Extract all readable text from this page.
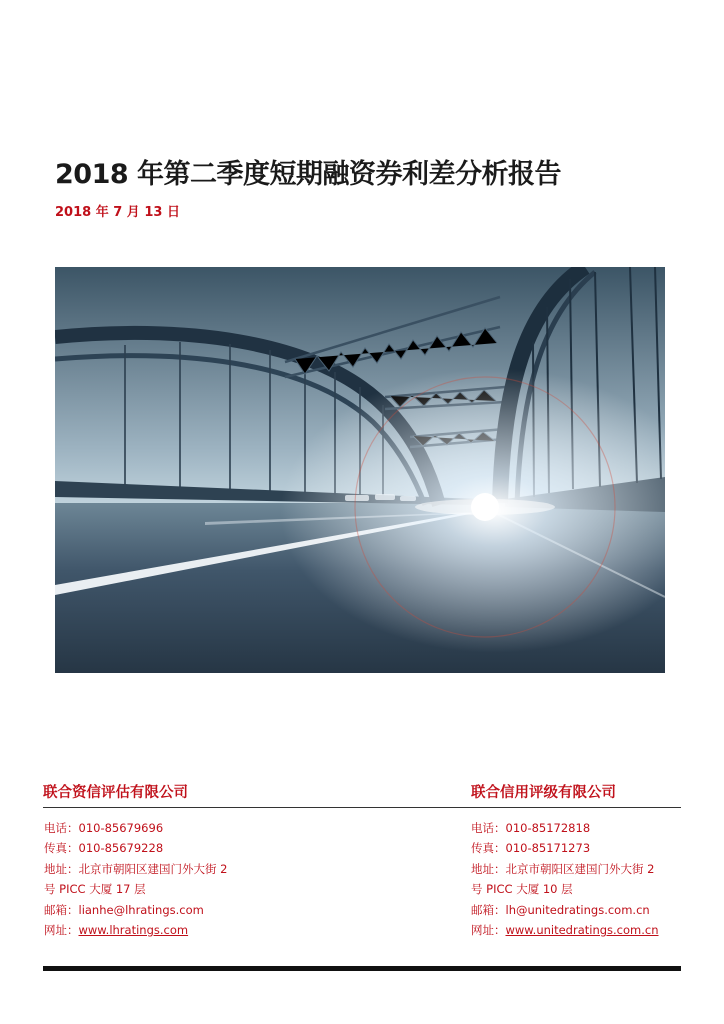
2018 年第二季度短期融资券利差分析报告
2018 年 7 月 13 日
联合资信评估有限公司	联合信用评级有限公司
电话：010-85679696
传真：010-85679228
地址：北京市朝阳区建国门外大街 2
号 PICC 大厦 17 层
邮箱：lianhe@lhratings.com
网址：www.lhratings.com
电话：010-85172818
传真：010-85171273
地址：北京市朝阳区建国门外大街 2
号 PICC 大厦 10 层
邮箱：lh@unitedratings.com.cn
网址：www.unitedratings.com.cn
